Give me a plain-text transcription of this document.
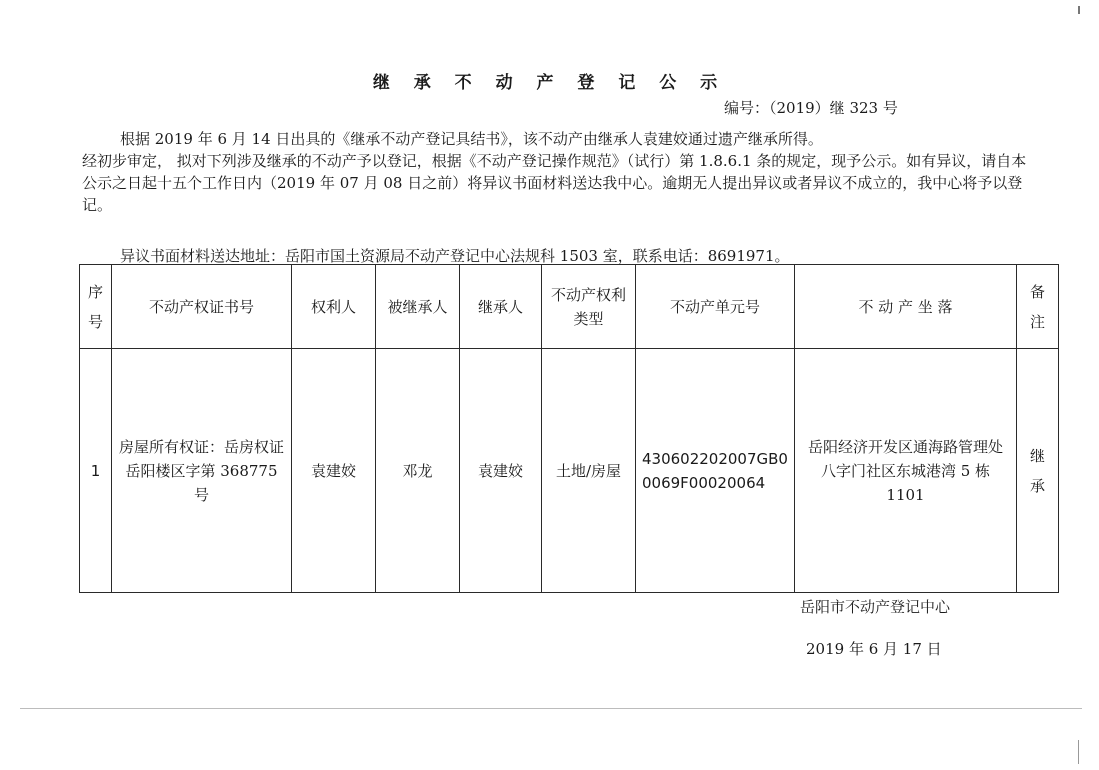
继 承 不 动 产 登 记 公 示
编号：（2019）继 323 号
根据 2019 年 6 月 14 日出具的《继承不动产登记具结书》，该不动产由继承人袁建姣通过遗产继承所得。
经初步审定， 拟对下列涉及继承的不动产予以登记，根据《不动产登记操作规范》（试行）第 1.8.6.1 条的规定，现予公示。如有异议，请自本公示之日起十五个工作日内（2019 年 07 月 08 日之前）将异议书面材料送达我中心。逾期无人提出异议或者异议不成立的，我中心将予以登记。
异议书面材料送达地址：岳阳市国土资源局不动产登记中心法规科 1503 室，联系电话：8691971。
序号	不动产权证书号	权利人	被继承人	继承人	不动产权利类型	不动产单元号	不 动 产 坐 落	备注
1	房屋所有权证：岳房权证岳阳楼区字第 368775 号	袁建姣	邓龙	袁建姣	土地/房屋	430602202007GB00069F00020064	岳阳经济开发区通海路管理处八字门社区东城港湾 5 栋 1101	继承
岳阳市不动产登记中心
2019 年 6 月 17 日
